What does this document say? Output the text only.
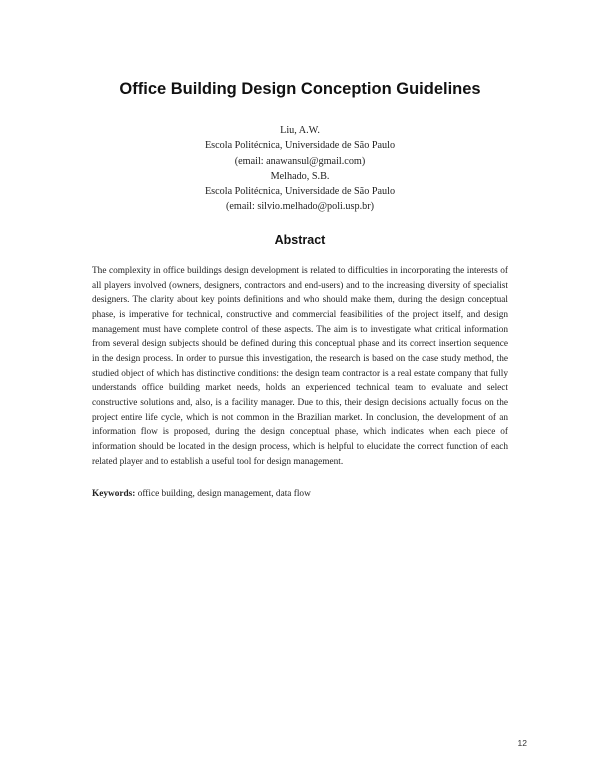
Office Building Design Conception Guidelines
Liu, A.W.
Escola Politécnica, Universidade de São Paulo
(email: anawansul@gmail.com)
Melhado, S.B.
Escola Politécnica, Universidade de São Paulo
(email: silvio.melhado@poli.usp.br)
Abstract

The complexity in office buildings design development is related to difficulties in incorporating the interests of all players involved (owners, designers, contractors and end-users) and to the increasing diversity of specialist designers. The clarity about key points definitions and who should make them, during the design conceptual phase, is imperative for technical, constructive and commercial feasibilities of the project itself, and design management must have complete control of these aspects. The aim is to investigate what critical information from several design subjects should be defined during this conceptual phase and its correct insertion sequence in the design process. In order to pursue this investigation, the research is based on the case study method, the studied object of which has distinctive conditions: the design team contractor is a real estate company that fully understands office building market needs, holds an experienced technical team to evaluate and select constructive solutions and, also, is a facility manager. Due to this, their design decisions actually focus on the project entire life cycle, which is not common in the Brazilian market. In conclusion, the development of an information flow is proposed, during the design conceptual phase, which indicates when each piece of information should be located in the design process, which is helpful to elucidate the correct function of each related player and to establish a useful tool for design management.

Keywords: office building, design management, data flow

12
